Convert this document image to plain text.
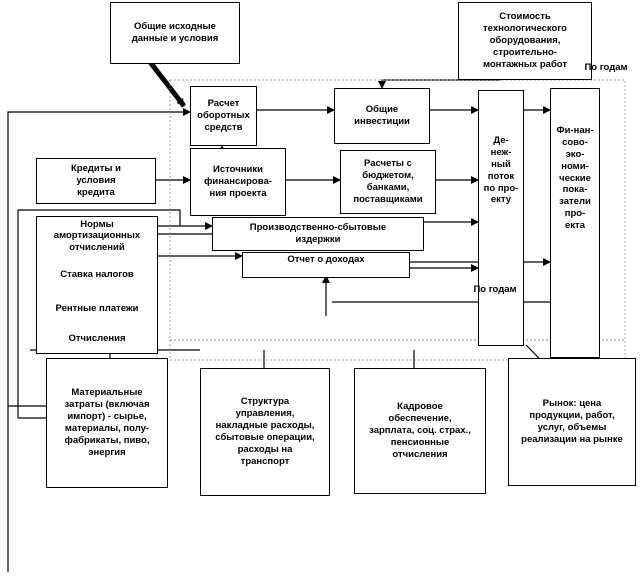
Общие исходные
данные и условия
Стоимость
технологического
оборудования,
строительно-
монтажных работ
Расчет
оборотных
средств
Общие
инвестиции
Де-
неж-
ный
поток
по про-
екту
Фи-нан-
сово-
эко-
номи-
ческие
пока-
затели
про-
екта
Кредиты и
условия
кредита
Источники
финансирова-
ния проекта
Расчеты с
бюджетом,
банками,
поставщиками
Производственно-сбытовые
издержки
Отчет о доходах

Нормы
амортизационных
отчислений

Ставка налогов

Рентные платежи

Отчисления

Материальные
затраты (включая
импорт) - сырье,
материалы, полу-
фабрикаты, пиво,
энергия
Структура
управления,
накладные расходы,
сбытовые операции,
расходы на
транспорт
Кадровое
обеспечение,
зарплата, соц. страх.,
пенсионные
отчисления
Рынок: цена
продукции, работ,
услуг, объемы
реализации на рынке
По годам
По годам
